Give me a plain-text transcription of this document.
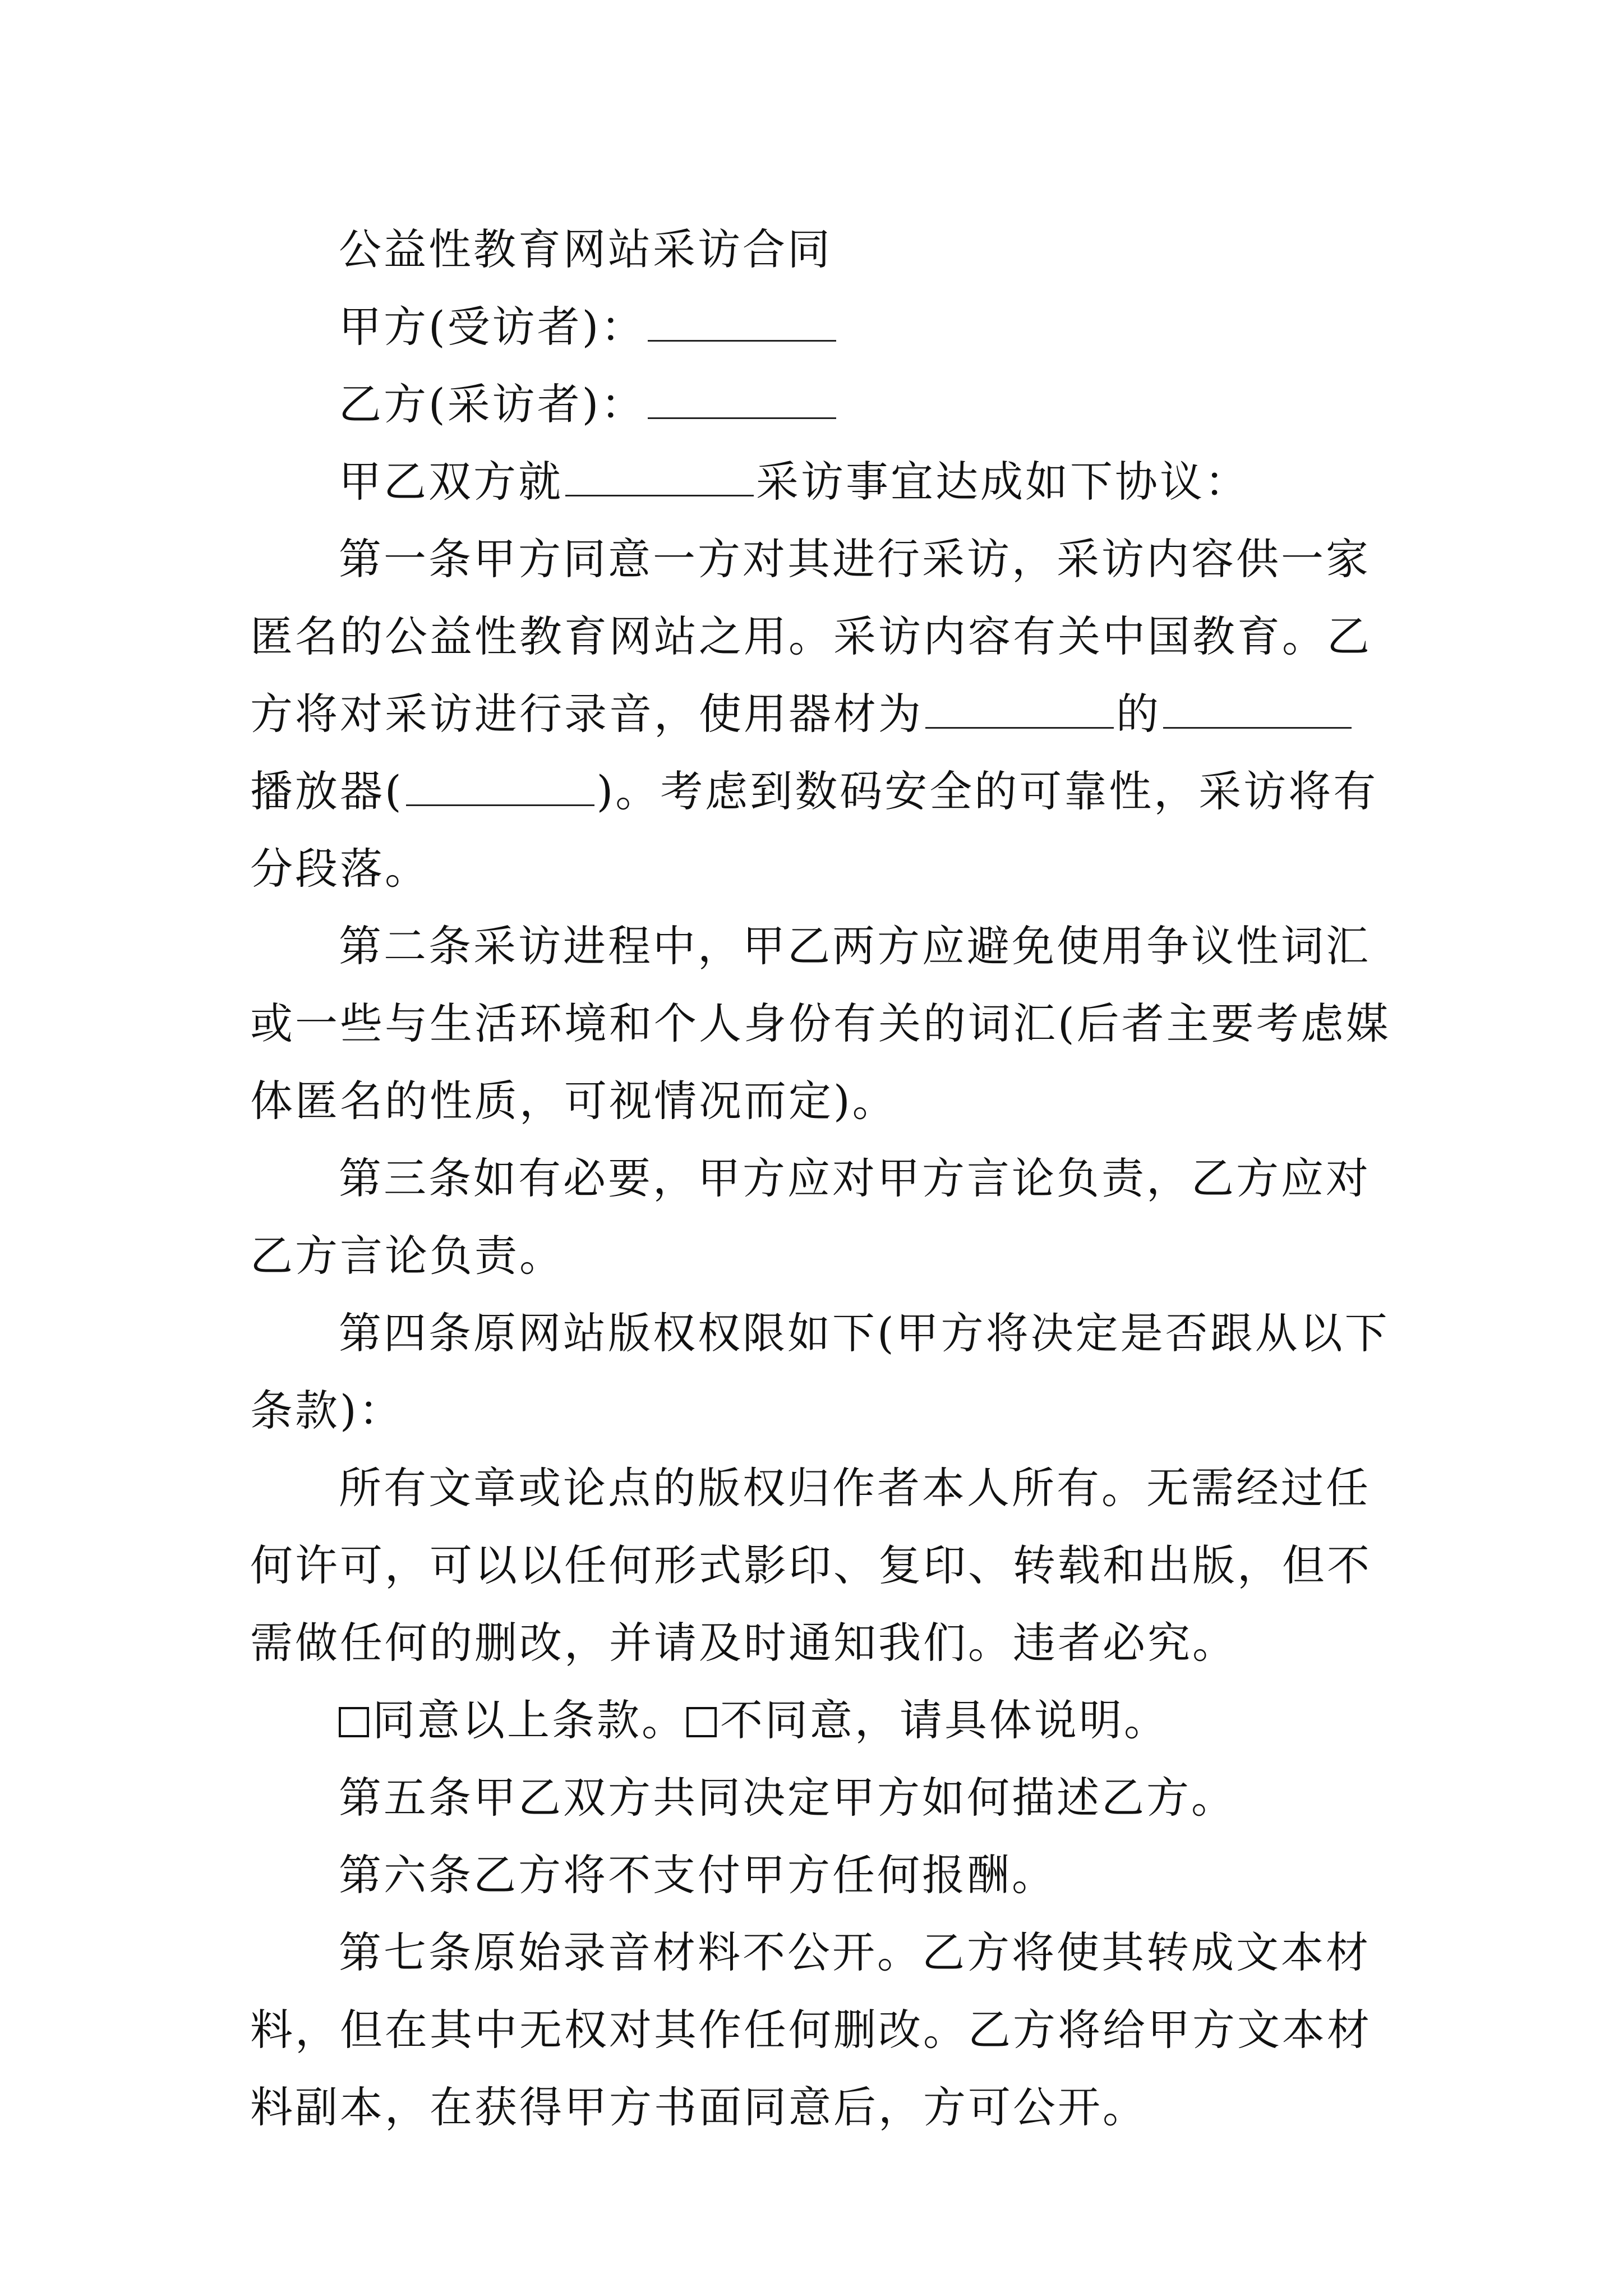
公益性教育网站采访合同

甲方(受访者)：

乙方(采访者)：

甲乙双方就	采访事宜达成如下协议：

第一条甲方同意一方对其进行采访，采访内容供一家匿名的公益性教育网站之用。采访内容有关中国教育。乙方将对采访进行录音，使用器材为	的播放器(	)。考虑到数码安全的可靠性，采访将有分段落。

第二条采访进程中，甲乙两方应避免使用争议性词汇或一些与生活环境和个人身份有关的词汇(后者主要考虑媒体匿名的性质，可视情况而定)。

第三条如有必要，甲方应对甲方言论负责，乙方应对乙方言论负责。

第四条原网站版权权限如下(甲方将决定是否跟从以下条款)：

所有文章或论点的版权归作者本人所有。无需经过任何许可，可以以任何形式影印、复印、转载和出版，但不需做任何的删改，并请及时通知我们。违者必究。

同意以上条款。 不同意，请具体说明。

第五条甲乙双方共同决定甲方如何描述乙方。

第六条乙方将不支付甲方任何报酬。

第七条原始录音材料不公开。乙方将使其转成文本材料，但在其中无权对其作任何删改。乙方将给甲方文本材料副本，在获得甲方书面同意后，方可公开。
